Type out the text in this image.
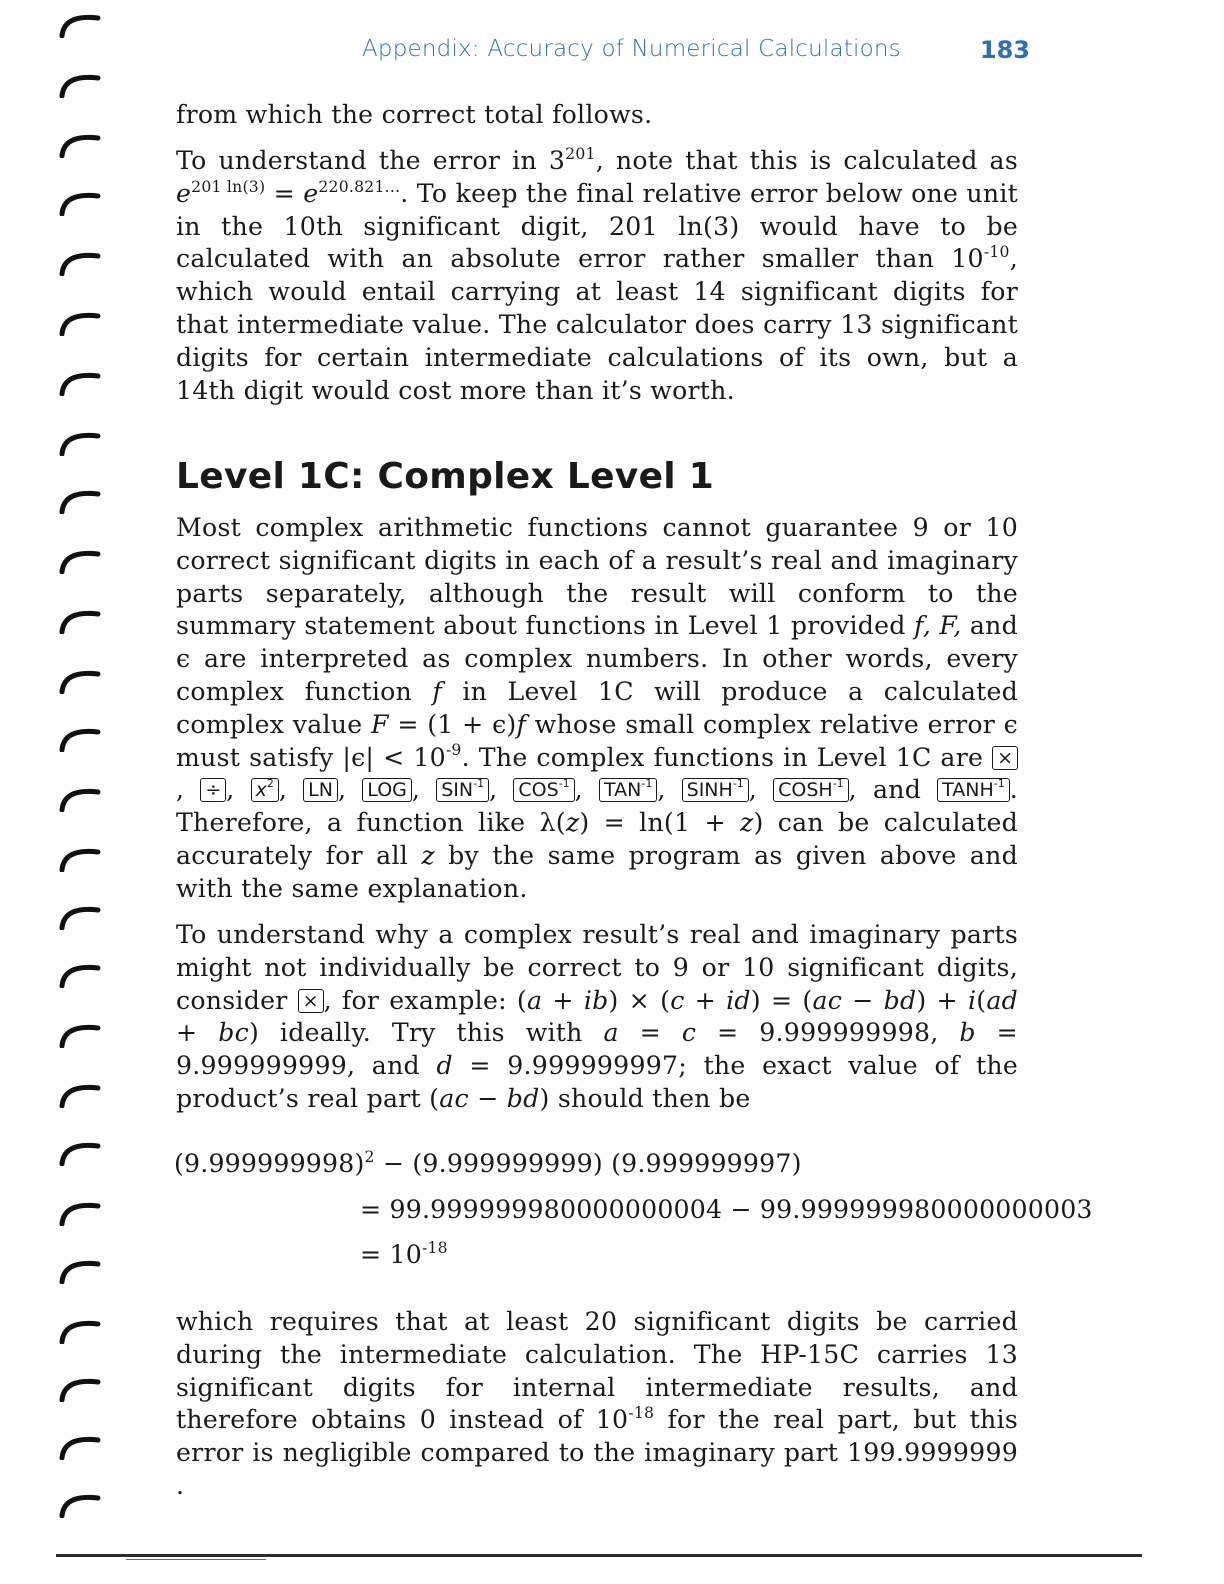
Appendix: Accuracy of Numerical Calculations	183

from which the correct total follows.

To understand the error in $3^{201}$, note that this is calculated as $e^{201 ln(3)} = e^{220.821...}$. To keep the final relative error below one unit in the 10th significant digit, 201 ln(3) would have to be calculated with an absolute error rather smaller than $10^{-10}$, which would entail carrying at least 14 significant digits for that intermediate value. The calculator does carry 13 significant digits for certain intermediate calculations of its own, but a 14th digit would cost more than it’s worth.

Level 1C: Complex Level 1

Most complex arithmetic functions cannot guarantee 9 or 10 correct significant digits in each of a result’s real and imaginary parts separately, although the result will conform to the summary statement about functions in Level 1 provided f, F, and ϵ are interpreted as complex numbers. In other words, every complex function f in Level 1C will produce a calculated complex value F = (1 + ϵ)f whose small complex relative error ϵ must satisfy $|\epsilon| < 10^{-9}$. The complex functions in Level 1C are ×, ÷ , $x^2$ , LN , LOG , $SIN^{-1}$ , $COS^{-1}$ , $TAN^{-1}$ , $SINH^{-1}$ , $COSH^{-1}$ , and $TANH^{-1}$ . Therefore, a function like λ(z) = ln(1 + z) can be calculated accurately for all z by the same program as given above and with the same explanation.

To understand why a complex result’s real and imaginary parts might not individually be correct to 9 or 10 significant digits, consider × , for example: (a + ib) × (c + id) = (ac − bd) + i(ad + bc) ideally. Try this with a = c = 9.999999998, b = 9.999999999, and d = 9.999999997; the exact value of the product’s real part (ac − bd) should then be

$(9.999999998)^2 - (9.999999999)$ (9.999999997)
= 99.999999980000000004 − 99.999999980000000003
= $10^{-18}$

which requires that at least 20 significant digits be carried during the intermediate calculation. The HP-15C carries 13 significant digits for internal intermediate results, and therefore obtains 0 instead of $10^{-18}$ for the real part, but this error is negligible compared to the imaginary part 199.9999999 .
